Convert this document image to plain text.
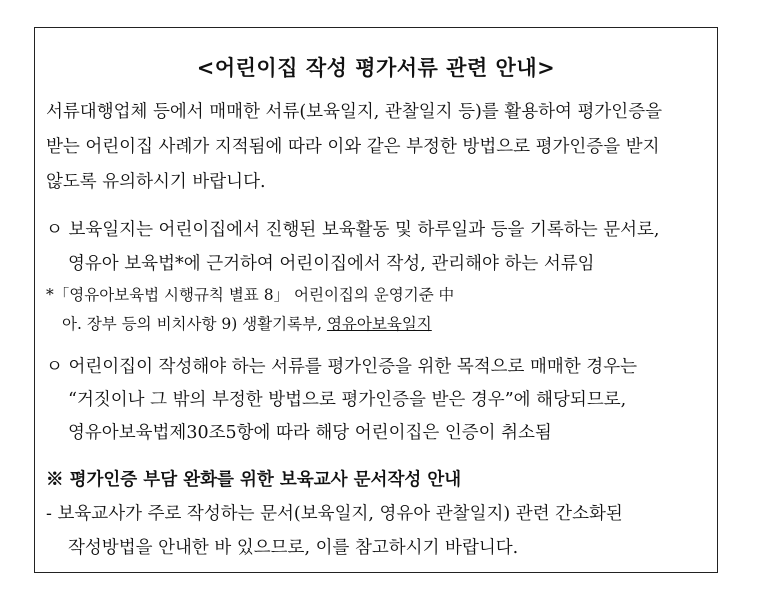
<어린이집 작성 평가서류 관련 안내>
서류대행업체 등에서 매매한 서류(보육일지, 관찰일지 등)를 활용하여 평가인증을
받는 어린이집 사례가 지적됨에 따라 이와 같은 부정한 방법으로 평가인증을 받지
않도록 유의하시기 바랍니다.
ㅇ 보육일지는 어린이집에서 진행된 보육활동 및 하루일과 등을 기록하는 문서로,
영유아 보육법*에 근거하여 어린이집에서 작성, 관리해야 하는 서류임
*「영유아보육법 시행규칙 별표 8」 어린이집의 운영기준 中
아. 장부 등의 비치사항 9) 생활기록부, 영유아보육일지
ㅇ 어린이집이 작성해야 하는 서류를 평가인증을 위한 목적으로 매매한 경우는
“거짓이나 그 밖의 부정한 방법으로 평가인증을 받은 경우”에 해당되므로,
영유아보육법제30조5항에 따라 해당 어린이집은 인증이 취소됨
※ 평가인증 부담 완화를 위한 보육교사 문서작성 안내
- 보육교사가 주로 작성하는 문서(보육일지, 영유아 관찰일지) 관련 간소화된
작성방법을 안내한 바 있으므로, 이를 참고하시기 바랍니다.
